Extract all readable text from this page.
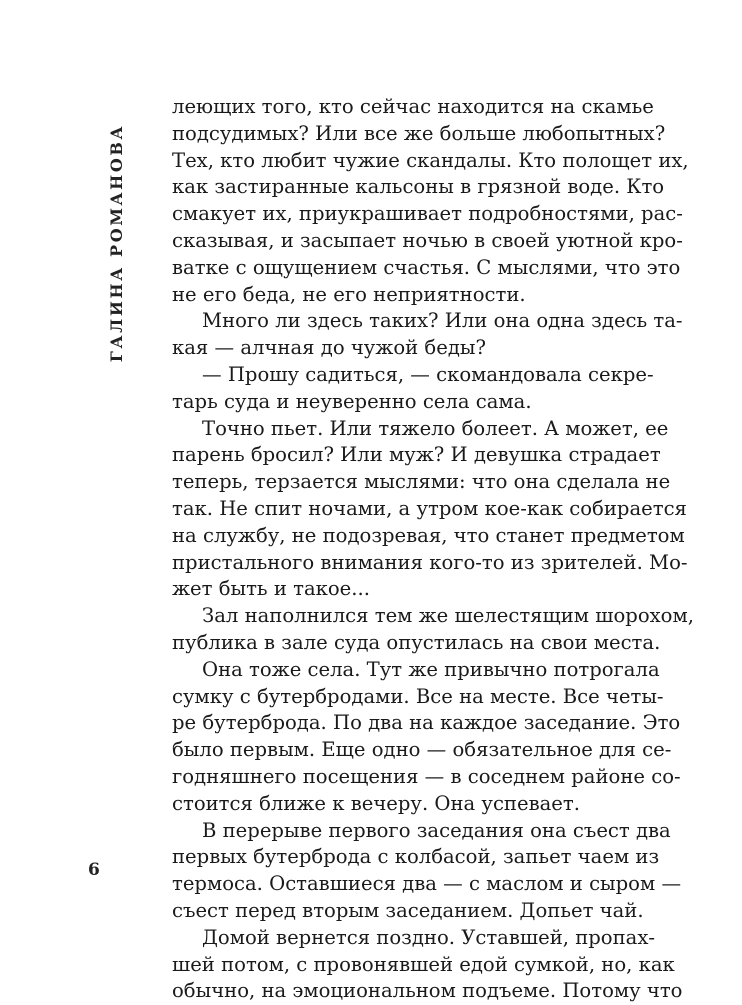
ГАЛИНА РОМАНОВА
леющих того, кто сейчас находится на скамье
подсудимых? Или все же больше любопытных?
Тех, кто любит чужие скандалы. Кто полощет их,
как застиранные кальсоны в грязной воде. Кто
смакует их, приукрашивает подробностями, рас-
сказывая, и засыпает ночью в своей уютной кро-
ватке с ощущением счастья. С мыслями, что это
не его беда, не его неприятности.
Много ли здесь таких? Или она одна здесь та-
кая — алчная до чужой беды?
— Прошу садиться, — скомандовала секре-
тарь суда и неуверенно села сама.
Точно пьет. Или тяжело болеет. А может, ее
парень бросил? Или муж? И девушка страдает
теперь, терзается мыслями: что она сделала не
так. Не спит ночами, а утром кое-как собирается
на службу, не подозревая, что станет предметом
пристального внимания кого-то из зрителей. Мо-
жет быть и такое...
Зал наполнился тем же шелестящим шорохом,
публика в зале суда опустилась на свои места.
Она тоже села. Тут же привычно потрогала
сумку с бутербродами. Все на месте. Все четы-
ре бутерброда. По два на каждое заседание. Это
было первым. Еще одно — обязательное для се-
годняшнего посещения — в соседнем районе со-
стоится ближе к вечеру. Она успевает.
В перерыве первого заседания она съест два
первых бутерброда с колбасой, запьет чаем из
термоса. Оставшиеся два — с маслом и сыром —
съест перед вторым заседанием. Допьет чай.
Домой вернется поздно. Уставшей, пропах-
шей потом, с провонявшей едой сумкой, но, как
обычно, на эмоциональном подъеме. Потому что
6
